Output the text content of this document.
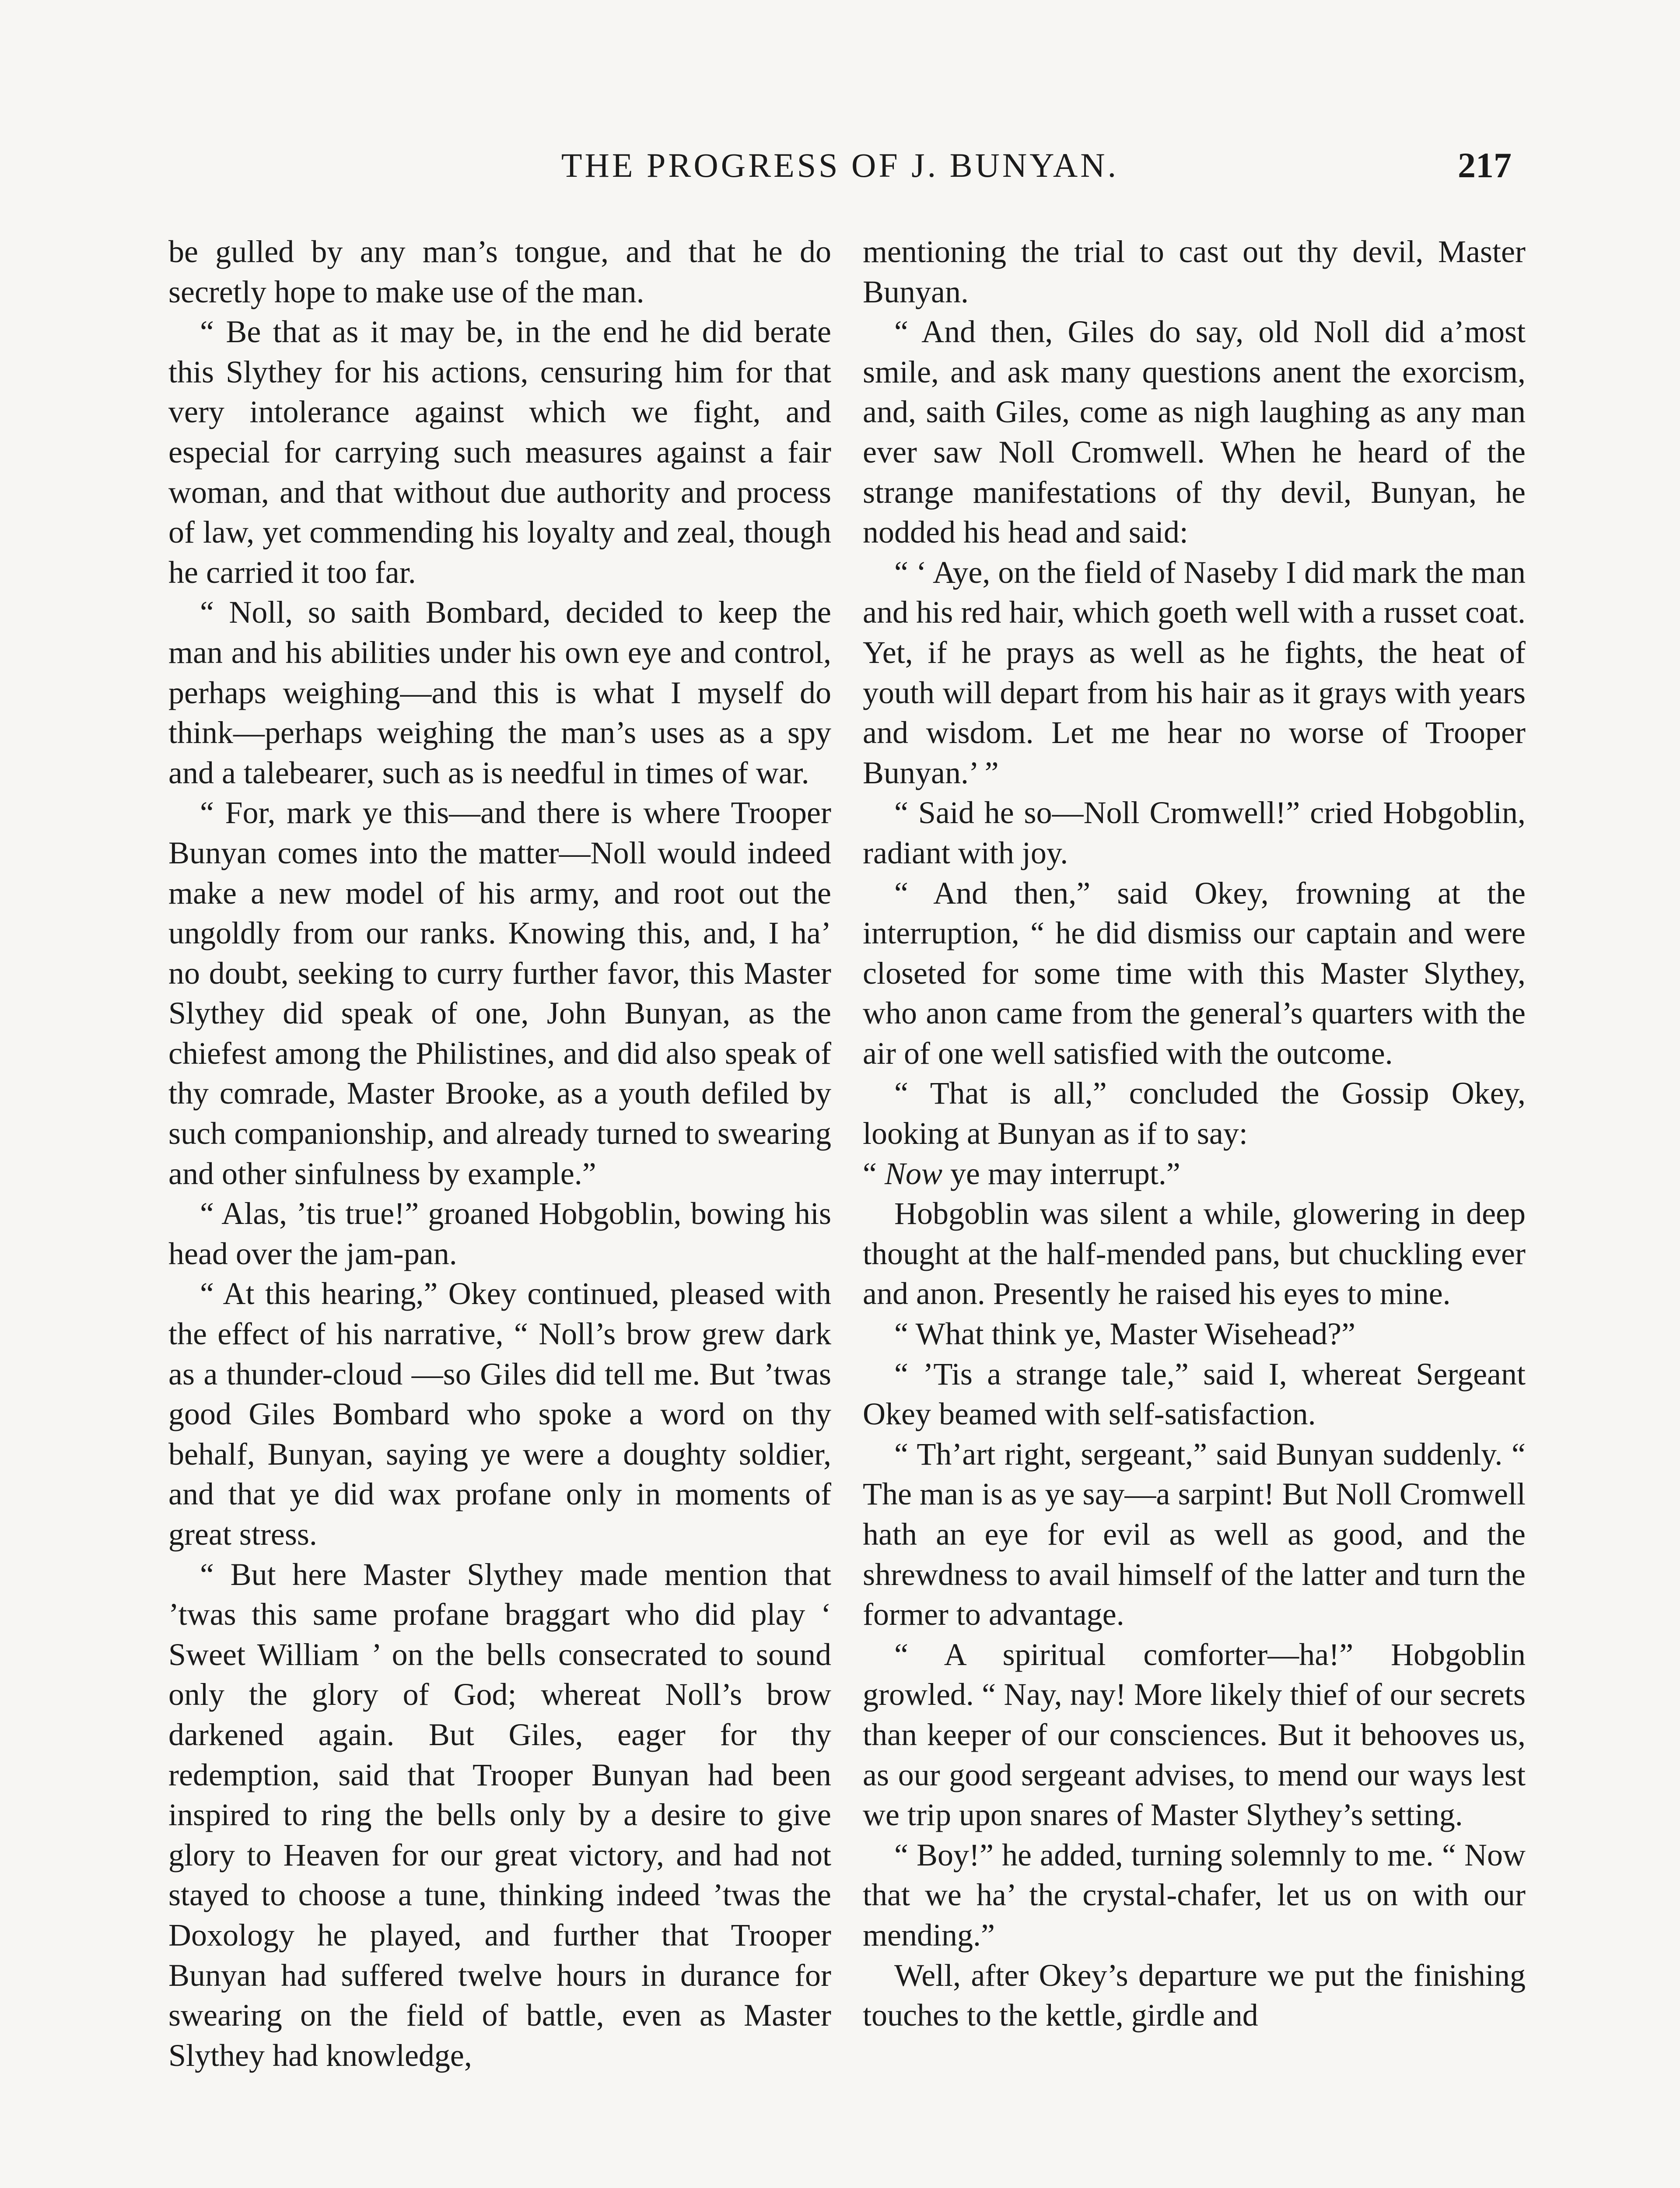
THE PROGRESS OF J. BUNYAN.	217

be gulled by any man’s tongue, and that he do secretly hope to make use of the man.

“ Be that as it may be, in the end he did berate this Slythey for his actions, censuring him for that very intolerance against which we fight, and especial for carrying such measures against a fair woman, and that without due authority and process of law, yet commending his loyalty and zeal, though he carried it too far.

“ Noll, so saith Bombard, decided to keep the man and his abilities under his own eye and control, perhaps weighing—and this is what I myself do think—perhaps weighing the man’s uses as a spy and a talebearer, such as is needful in times of war.

“ For, mark ye this—and there is where Trooper Bunyan comes into the matter—Noll would indeed make a new model of his army, and root out the ungoldly from our ranks. Knowing this, and, I ha’ no doubt, seeking to curry further favor, this Master Slythey did speak of one, John Bunyan, as the chiefest among the Philistines, and did also speak of thy comrade, Master Brooke, as a youth defiled by such companionship, and already turned to swearing and other sinfulness by example.”

“ Alas, ’tis true!” groaned Hobgoblin, bowing his head over the jam-pan.

“ At this hearing,” Okey continued, pleased with the effect of his narrative, “ Noll’s brow grew dark as a thunder-cloud —so Giles did tell me. But ’twas good Giles Bombard who spoke a word on thy behalf, Bunyan, saying ye were a doughty soldier, and that ye did wax profane only in moments of great stress.

“ But here Master Slythey made mention that ’twas this same profane braggart who did play ‘ Sweet William ’ on the bells consecrated to sound only the glory of God; whereat Noll’s brow darkened again. But Giles, eager for thy redemption, said that Trooper Bunyan had been inspired to ring the bells only by a desire to give glory to Heaven for our great victory, and had not stayed to choose a tune, thinking indeed ’twas the Doxology he played, and further that Trooper Bunyan had suffered twelve hours in durance for swearing on the field of battle, even as Master Slythey had knowledge,

mentioning the trial to cast out thy devil, Master Bunyan.

“ And then, Giles do say, old Noll did a’most smile, and ask many questions anent the exorcism, and, saith Giles, come as nigh laughing as any man ever saw Noll Cromwell. When he heard of the strange manifestations of thy devil, Bunyan, he nodded his head and said:

“ ‘ Aye, on the field of Naseby I did mark the man and his red hair, which goeth well with a russet coat. Yet, if he prays as well as he fights, the heat of youth will depart from his hair as it grays with years and wisdom. Let me hear no worse of Trooper Bunyan.’ ”

“ Said he so—Noll Cromwell!” cried Hobgoblin, radiant with joy.

“ And then,” said Okey, frowning at the interruption, “ he did dismiss our captain and were closeted for some time with this Master Slythey, who anon came from the general’s quarters with the air of one well satisfied with the outcome.

“ That is all,” concluded the Gossip Okey, looking at Bunyan as if to say:

“ Now ye may interrupt.”

Hobgoblin was silent a while, glowering in deep thought at the half-mended pans, but chuckling ever and anon. Presently he raised his eyes to mine.

“ What think ye, Master Wisehead?”

“ ’Tis a strange tale,” said I, whereat Sergeant Okey beamed with self-satisfaction.

“ Th’art right, sergeant,” said Bunyan suddenly. “ The man is as ye say—a sarpint! But Noll Cromwell hath an eye for evil as well as good, and the shrewdness to avail himself of the latter and turn the former to advantage.

“ A spiritual comforter—ha!” Hobgoblin growled. “ Nay, nay! More likely thief of our secrets than keeper of our consciences. But it behooves us, as our good sergeant advises, to mend our ways lest we trip upon snares of Master Slythey’s setting.

“ Boy!” he added, turning solemnly to me. “ Now that we ha’ the crystal-chafer, let us on with our mending.”

Well, after Okey’s departure we put the finishing touches to the kettle, girdle and
